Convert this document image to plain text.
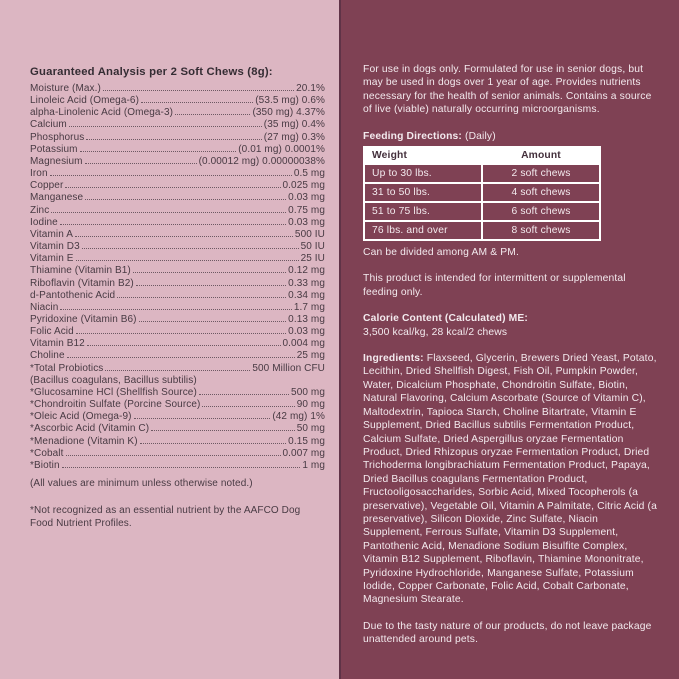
Guaranteed Analysis per 2 Soft Chews (8g):
Moisture (Max.)	20.1%
Linoleic Acid (Omega-6)	(53.5 mg) 0.6%
alpha-Linolenic Acid (Omega-3)	(350 mg) 4.37%
Calcium	(35 mg) 0.4%
Phosphorus	(27 mg) 0.3%
Potassium	(0.01 mg) 0.0001%
Magnesium	(0.00012 mg) 0.00000038%
Iron	0.5 mg
Copper	0.025 mg
Manganese	0.03 mg
Zinc	0.75 mg
Iodine	0.03 mg
Vitamin A	500 IU
Vitamin D3	50 IU
Vitamin E	25 IU
Thiamine (Vitamin B1)	0.12 mg
Riboflavin (Vitamin B2)	0.33 mg
d-Pantothenic Acid	0.34 mg
Niacin	1.7 mg
Pyridoxine (Vitamin B6)	0.13 mg
Folic Acid	0.03 mg
Vitamin B12	0.004 mg
Choline	25 mg
*Total Probiotics	500 Million CFU

(Bacillus coagulans, Bacillus subtilis)

*Glucosamine HCl (Shellfish Source)	500 mg
*Chondroitin Sulfate (Porcine Source)	90 mg
*Oleic Acid (Omega-9)	(42 mg) 1%
*Ascorbic Acid (Vitamin C)	50 mg
*Menadione (Vitamin K)	0.15 mg
*Cobalt	0.007 mg
*Biotin	1 mg

(All values are minimum unless otherwise noted.)

*Not recognized as an essential nutrient by the AAFCO Dog Food Nutrient Profiles.

For use in dogs only. Formulated for use in senior dogs, but may be used in dogs over 1 year of age. Provides nutrients necessary for the health of senior animals. Contains a source of live (viable) naturally occurring microorganisms.

Feeding Directions: (Daily)

Weight	Amount
Up to 30 lbs.	2 soft chews
31 to 50 lbs.	4 soft chews
51 to 75 lbs.	6 soft chews
76 lbs. and over	8 soft chews

Can be divided among AM & PM.

This product is intended for intermittent or supplemental feeding only.

Calorie Content (Calculated) ME:

3,500 kcal/kg, 28 kcal/2 chews

Ingredients: Flaxseed, Glycerin, Brewers Dried Yeast, Potato, Lecithin, Dried Shellfish Digest, Fish Oil, Pumpkin Powder, Water, Dicalcium Phosphate, Chondroitin Sulfate, Biotin, Natural Flavoring, Calcium Ascorbate (Source of Vitamin C), Maltodextrin, Tapioca Starch, Choline Bitartrate, Vitamin E Supplement, Dried Bacillus subtilis Fermentation Product, Calcium Sulfate, Dried Aspergillus oryzae Fermentation Product, Dried Rhizopus oryzae Fermentation Product, Dried Trichoderma longibrachiatum Fermentation Product, Papaya, Dried Bacillus coagulans Fermentation Product, Fructooligosaccharides, Sorbic Acid, Mixed Tocopherols (a preservative), Vegetable Oil, Vitamin A Palmitate, Citric Acid (a preservative), Silicon Dioxide, Zinc Sulfate, Niacin Supplement, Ferrous Sulfate, Vitamin D3 Supplement, Pantothenic Acid, Menadione Sodium Bisulfite Complex, Vitamin B12 Supplement, Riboflavin, Thiamine Mononitrate, Pyridoxine Hydrochloride, Manganese Sulfate, Potassium Iodide, Copper Carbonate, Folic Acid, Cobalt Carbonate, Magnesium Stearate.

Due to the tasty nature of our products, do not leave package unattended around pets.
